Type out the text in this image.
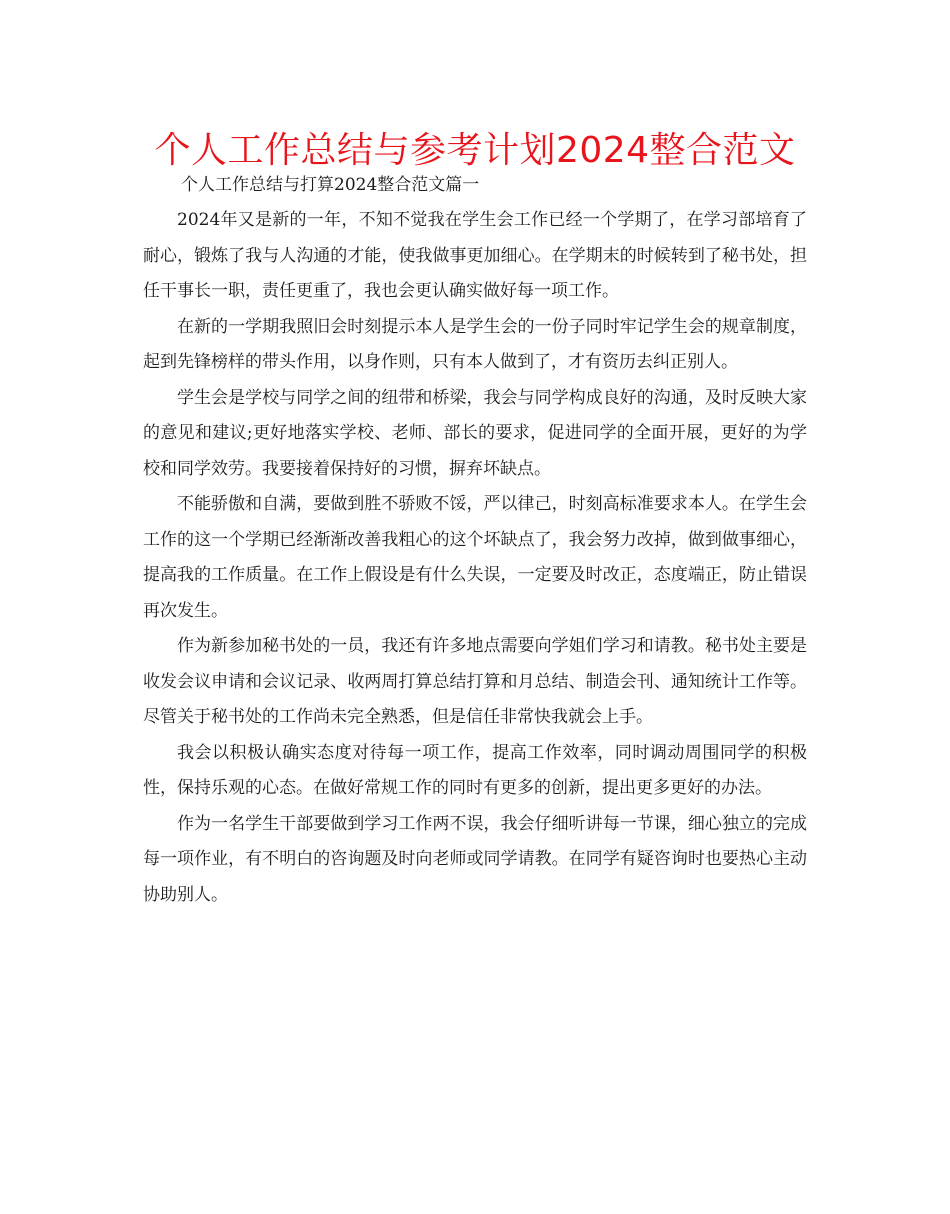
个人工作总结与参考计划2024整合范文

个人工作总结与打算2024整合范文篇一

2024年又是新的一年，不知不觉我在学生会工作已经一个学期了，在学习部培育了耐心，锻炼了我与人沟通的才能，使我做事更加细心。在学期末的时候转到了秘书处，担任干事长一职，责任更重了，我也会更认确实做好每一项工作。

在新的一学期我照旧会时刻提示本人是学生会的一份子同时牢记学生会的规章制度，起到先锋榜样的带头作用，以身作则，只有本人做到了，才有资历去纠正别人。

学生会是学校与同学之间的纽带和桥梁，我会与同学构成良好的沟通，及时反映大家的意见和建议;更好地落实学校、老师、部长的要求，促进同学的全面开展，更好的为学校和同学效劳。我要接着保持好的习惯，摒弃坏缺点。

不能骄傲和自满，要做到胜不骄败不馁，严以律己，时刻高标准要求本人。在学生会工作的这一个学期已经渐渐改善我粗心的这个坏缺点了，我会努力改掉，做到做事细心，提高我的工作质量。在工作上假设是有什么失误，一定要及时改正，态度端正，防止错误再次发生。

作为新参加秘书处的一员，我还有许多地点需要向学姐们学习和请教。秘书处主要是收发会议申请和会议记录、收两周打算总结打算和月总结、制造会刊、通知统计工作等。尽管关于秘书处的工作尚未完全熟悉，但是信任非常快我就会上手。

我会以积极认确实态度对待每一项工作，提高工作效率，同时调动周围同学的积极性，保持乐观的心态。在做好常规工作的同时有更多的创新，提出更多更好的办法。

作为一名学生干部要做到学习工作两不误，我会仔细听讲每一节课，细心独立的完成每一项作业，有不明白的咨询题及时向老师或同学请教。在同学有疑咨询时也要热心主动协助别人。
